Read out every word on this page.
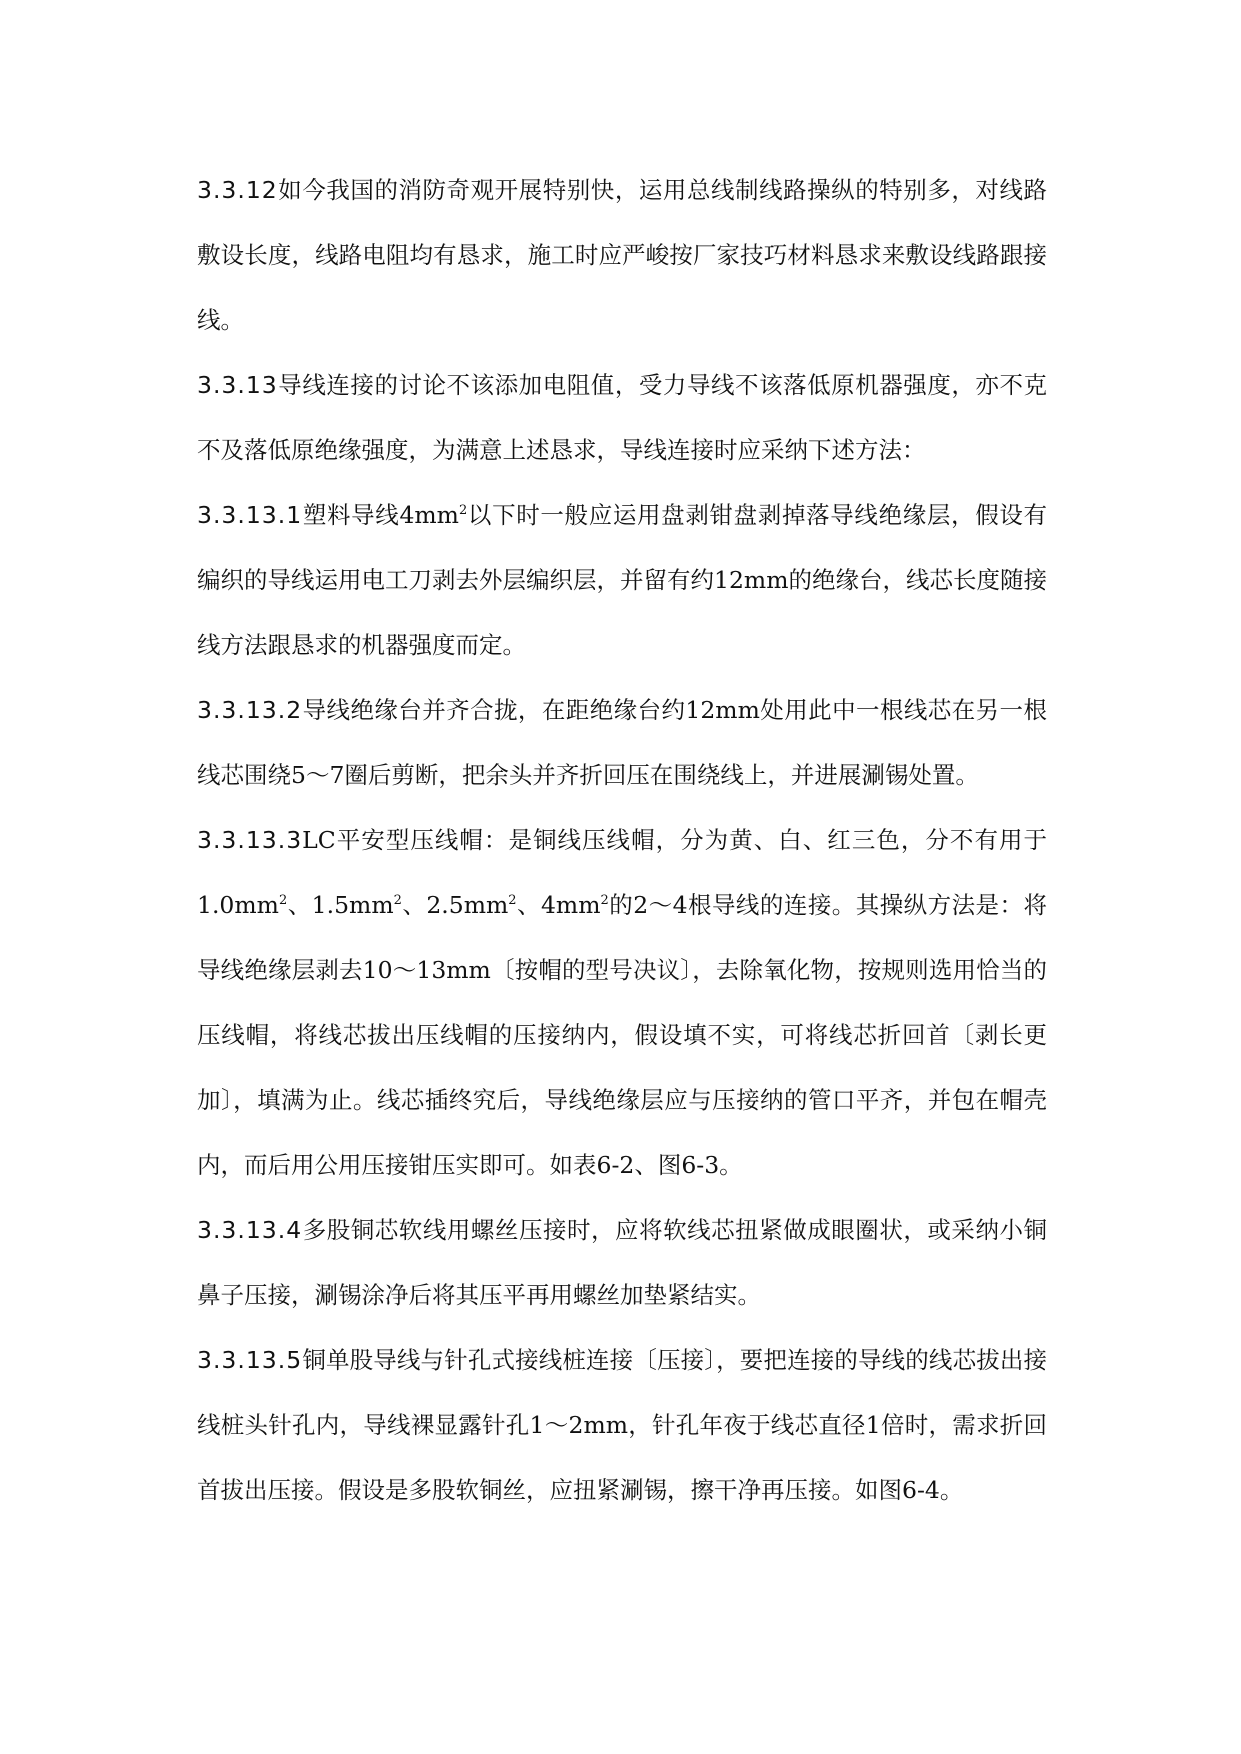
3.3.12如今我国的消防奇观开展特别快，运用总线制线路操纵的特别多，对线路敷设长度，线路电阻均有恳求，施工时应严峻按厂家技巧材料恳求来敷设线路跟接线。

3.3.13导线连接的讨论不该添加电阻值，受力导线不该落低原机器强度，亦不克不及落低原绝缘强度，为满意上述恳求，导线连接时应采纳下述方法：

3.3.13.1塑料导线$4mm^2$以下时一般应运用盘剥钳盘剥掉落导线绝缘层，假设有编织的导线运用电工刀剥去外层编织层，并留有约12mm的绝缘台，线芯长度随接线方法跟恳求的机器强度而定。

3.3.13.2导线绝缘台并齐合拢，在距绝缘台约12mm处用此中一根线芯在另一根线芯围绕5～7圈后剪断，把余头并齐折回压在围绕线上，并进展涮锡处置。

3.3.13.3LC平安型压线帽：是铜线压线帽，分为黄、白、红三色，分不有用于$1.0mm^2$、$1.5mm^2$、$2.5mm^2$、$4mm^2$的2～4根导线的连接。其操纵方法是：将导线绝缘层剥去10～13mm〔按帽的型号决议〕，去除氧化物，按规则选用恰当的压线帽，将线芯拔出压线帽的压接纳内，假设填不实，可将线芯折回首〔剥长更加〕，填满为止。线芯插终究后，导线绝缘层应与压接纳的管口平齐，并包在帽壳内，而后用公用压接钳压实即可。如表6-2、图6-3。

3.3.13.4多股铜芯软线用螺丝压接时，应将软线芯扭紧做成眼圈状，或采纳小铜鼻子压接，涮锡涂净后将其压平再用螺丝加垫紧结实。

3.3.13.5铜单股导线与针孔式接线桩连接〔压接〕，要把连接的导线的线芯拔出接线桩头针孔内，导线裸显露针孔1～2mm，针孔年夜于线芯直径1倍时，需求折回首拔出压接。假设是多股软铜丝，应扭紧涮锡，擦干净再压接。如图6-4。
